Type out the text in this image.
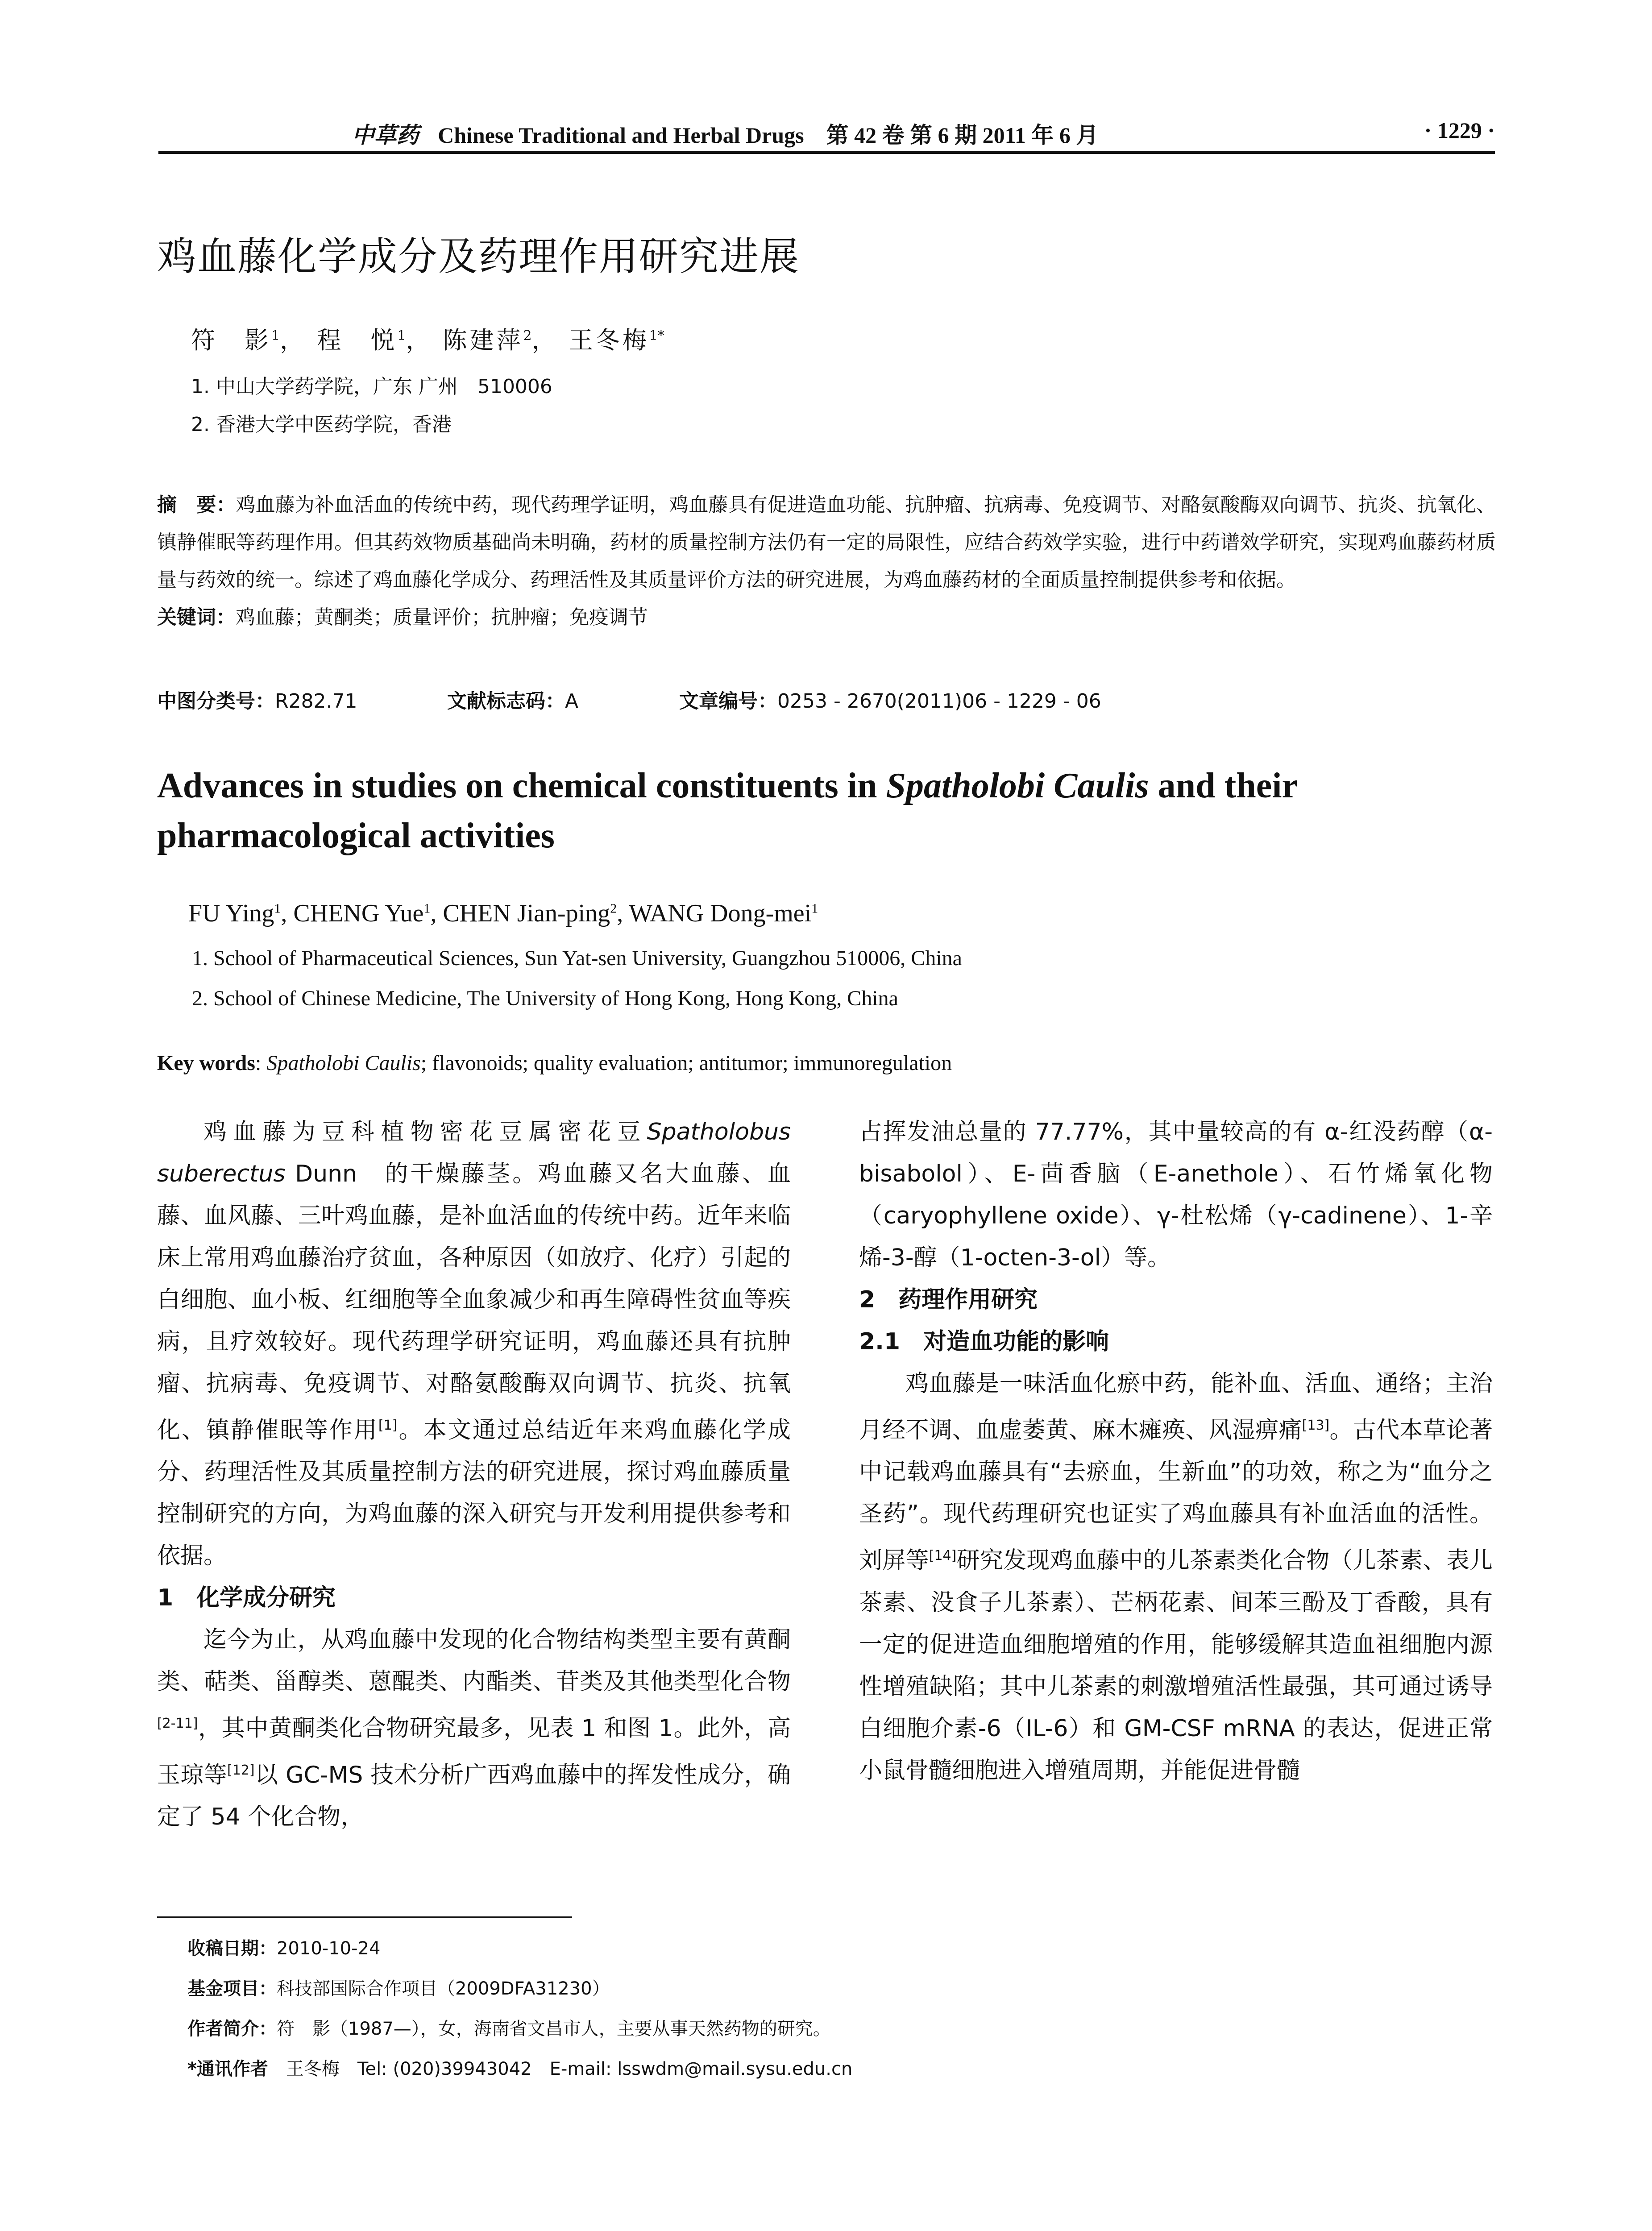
中草药 Chinese Traditional and Herbal Drugs 第 42 卷 第 6 期 2011 年 6 月	· 1229 ·
鸡血藤化学成分及药理作用研究进展
符　影$^1$， 程　悦$^1$， 陈建萍$^2$， 王冬梅$^{1*}$
1. 中山大学药学院，广东 广州　510006
2. 香港大学中医药学院，香港
摘　要：鸡血藤为补血活血的传统中药，现代药理学证明，鸡血藤具有促进造血功能、抗肿瘤、抗病毒、免疫调节、对酪氨酸酶双向调节、抗炎、抗氧化、镇静催眠等药理作用。但其药效物质基础尚未明确，药材的质量控制方法仍有一定的局限性，应结合药效学实验，进行中药谱效学研究，实现鸡血藤药材质量与药效的统一。综述了鸡血藤化学成分、药理活性及其质量评价方法的研究进展，为鸡血藤药材的全面质量控制提供参考和依据。
关键词：鸡血藤；黄酮类；质量评价；抗肿瘤；免疫调节
中图分类号：R282.71	文献标志码：A	文章编号：0253 - 2670(2011)06 - 1229 - 06
Advances in studies on chemical constituents in Spatholobi Caulis and their pharmacological activities
FU Ying$^1$, CHENG Yue$^1$, CHEN Jian-ping$^2$, WANG Dong-mei$^1$
1. School of Pharmaceutical Sciences, Sun Yat-sen University, Guangzhou 510006, China
2. School of Chinese Medicine, The University of Hong Kong, Hong Kong, China
Key words: Spatholobi Caulis; flavonoids; quality evaluation; antitumor; immunoregulation

鸡血藤为豆科植物密花豆属密花豆Spatholobus suberectus Dunn　的干燥藤茎。鸡血藤又名大血藤、血藤、血风藤、三叶鸡血藤，是补血活血的传统中药。近年来临床上常用鸡血藤治疗贫血，各种原因（如放疗、化疗）引起的白细胞、血小板、红细胞等全血象减少和再生障碍性贫血等疾病，且疗效较好。现代药理学研究证明，鸡血藤还具有抗肿瘤、抗病毒、免疫调节、对酪氨酸酶双向调节、抗炎、抗氧化、镇静催眠等作用[1]。本文通过总结近年来鸡血藤化学成分、药理活性及其质量控制方法的研究进展，探讨鸡血藤质量控制研究的方向，为鸡血藤的深入研究与开发利用提供参考和依据。

1　化学成分研究

迄今为止，从鸡血藤中发现的化合物结构类型主要有黄酮类、萜类、甾醇类、蒽醌类、内酯类、苷类及其他类型化合物[2-11]，其中黄酮类化合物研究最多，见表 1 和图 1。此外，高玉琼等[12]以 GC-MS 技术分析广西鸡血藤中的挥发性成分，确定了 54 个化合物，

占挥发油总量的 77.77%，其中量较高的有 α-红没药醇（α-bisabolol）、E-茴香脑（E-anethole）、石竹烯氧化物（caryophyllene oxide）、γ-杜松烯（γ-cadinene）、1-辛烯-3-醇（1-octen-3-ol）等。

2　药理作用研究
2.1　对造血功能的影响

鸡血藤是一味活血化瘀中药，能补血、活血、通络；主治月经不调、血虚萎黄、麻木瘫痪、风湿痹痛[13]。古代本草论著中记载鸡血藤具有“去瘀血，生新血”的功效，称之为“血分之圣药”。现代药理研究也证实了鸡血藤具有补血活血的活性。刘屏等[14]研究发现鸡血藤中的儿茶素类化合物（儿茶素、表儿茶素、没食子儿茶素）、芒柄花素、间苯三酚及丁香酸，具有一定的促进造血细胞增殖的作用，能够缓解其造血祖细胞内源性增殖缺陷；其中儿茶素的刺激增殖活性最强，其可通过诱导白细胞介素-6（IL-6）和 GM-CSF mRNA 的表达，促进正常小鼠骨髓细胞进入增殖周期，并能促进骨髓

收稿日期：2010-10-24
基金项目：科技部国际合作项目（2009DFA31230）
作者简介：符　影（1987—），女，海南省文昌市人，主要从事天然药物的研究。
*通讯作者　 王冬梅　Tel: (020)39943042　E-mail: lsswdm@mail.sysu.edu.cn
